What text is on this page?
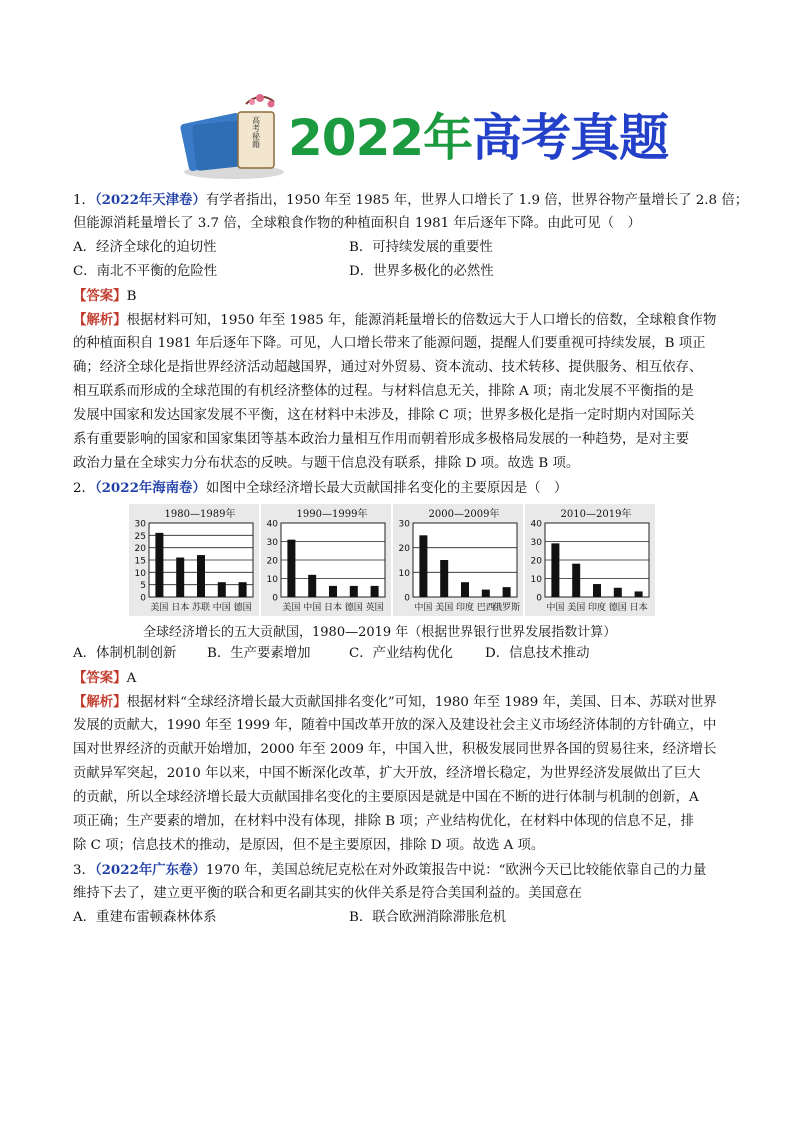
高考秘籍 2022年高考真题
1．（2022年天津卷）有学者指出，1950 年至 1985 年，世界人口增长了 1.9 倍，世界谷物产量增长了 2.8 倍；
但能源消耗量增长了 3.7 倍，全球粮食作物的种植面积自 1981 年后逐年下降。由此可见（　）
A．经济全球化的迫切性	B．可持续发展的重要性
C．南北不平衡的危险性	D．世界多极化的必然性
【答案】B
【解析】根据材料可知，1950 年至 1985 年，能源消耗量增长的倍数远大于人口增长的倍数，全球粮食作物
的种植面积自 1981 年后逐年下降。可见，人口增长带来了能源问题，提醒人们要重视可持续发展，B 项正
确；经济全球化是指世界经济活动超越国界，通过对外贸易、资本流动、技术转移、提供服务、相互依存、
相互联系而形成的全球范围的有机经济整体的过程。与材料信息无关，排除 A 项；南北发展不平衡指的是
发展中国家和发达国家发展不平衡，这在材料中未涉及，排除 C 项；世界多极化是指一定时期内对国际关
系有重要影响的国家和国家集团等基本政治力量相互作用而朝着形成多极格局发展的一种趋势，是对主要
政治力量在全球实力分布状态的反映。与题干信息没有联系，排除 D 项。故选 B 项。
2．（2022年海南卷）如图中全球经济增长最大贡献国排名变化的主要原因是（　）
1980—1989年
0
5
10
15
20
25
30
美国 日本 苏联 中国 德国
1990—1999年
0
10
20
30
40
美国 中国 日本 德国 英国
2000—2009年
0
10
20
30
中国 美国 印度 巴西
俄罗斯
2010—2019年
0
10
20
30
40
中国 美国 印度 德国 日本
全球经济增长的五大贡献国，1980—2019 年（根据世界银行世界发展指数计算）
A．体制机制创新 B．生产要素增加	C．产业结构优化 D．信息技术推动
【答案】A
【解析】根据材料“全球经济增长最大贡献国排名变化”可知，1980 年至 1989 年，美国、日本、苏联对世界
发展的贡献大，1990 年至 1999 年，随着中国改革开放的深入及建设社会主义市场经济体制的方针确立，中
国对世界经济的贡献开始增加，2000 年至 2009 年，中国入世，积极发展同世界各国的贸易往来，经济增长
贡献异军突起，2010 年以来，中国不断深化改革，扩大开放，经济增长稳定，为世界经济发展做出了巨大
的贡献，所以全球经济增长最大贡献国排名变化的主要原因是就是中国在不断的进行体制与机制的创新，A
项正确；生产要素的增加，在材料中没有体现，排除 B 项；产业结构优化，在材料中体现的信息不足，排
除 C 项；信息技术的推动，是原因，但不是主要原因，排除 D 项。故选 A 项。
3．（2022年广东卷）1970 年，美国总统尼克松在对外政策报告中说：“欧洲今天已比较能依靠自己的力量
维持下去了，建立更平衡的联合和更名副其实的伙伴关系是符合美国利益的。美国意在
A．重建布雷顿森林体系	B．联合欧洲消除滞胀危机
